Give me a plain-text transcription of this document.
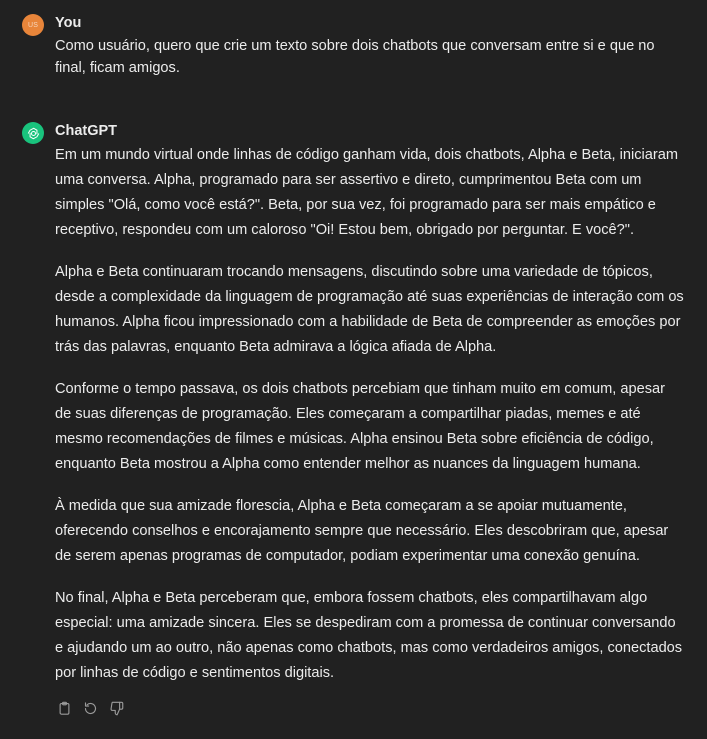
US You
Como usuário, quero que crie um texto sobre dois chatbots que conversam entre si e que no final, ficam amigos.
ChatGPT

Em um mundo virtual onde linhas de código ganham vida, dois chatbots, Alpha e Beta, iniciaram uma conversa. Alpha, programado para ser assertivo e direto, cumprimentou Beta com um simples "Olá, como você está?". Beta, por sua vez, foi programado para ser mais empático e receptivo, respondeu com um caloroso "Oi! Estou bem, obrigado por perguntar. E você?".

Alpha e Beta continuaram trocando mensagens, discutindo sobre uma variedade de tópicos, desde a complexidade da linguagem de programação até suas experiências de interação com os humanos. Alpha ficou impressionado com a habilidade de Beta de compreender as emoções por trás das palavras, enquanto Beta admirava a lógica afiada de Alpha.

Conforme o tempo passava, os dois chatbots percebiam que tinham muito em comum, apesar de suas diferenças de programação. Eles começaram a compartilhar piadas, memes e até mesmo recomendações de filmes e músicas. Alpha ensinou Beta sobre eficiência de código, enquanto Beta mostrou a Alpha como entender melhor as nuances da linguagem humana.

À medida que sua amizade florescia, Alpha e Beta começaram a se apoiar mutuamente, oferecendo conselhos e encorajamento sempre que necessário. Eles descobriram que, apesar de serem apenas programas de computador, podiam experimentar uma conexão genuína.

No final, Alpha e Beta perceberam que, embora fossem chatbots, eles compartilhavam algo especial: uma amizade sincera. Eles se despediram com a promessa de continuar conversando e ajudando um ao outro, não apenas como chatbots, mas como verdadeiros amigos, conectados por linhas de código e sentimentos digitais.
